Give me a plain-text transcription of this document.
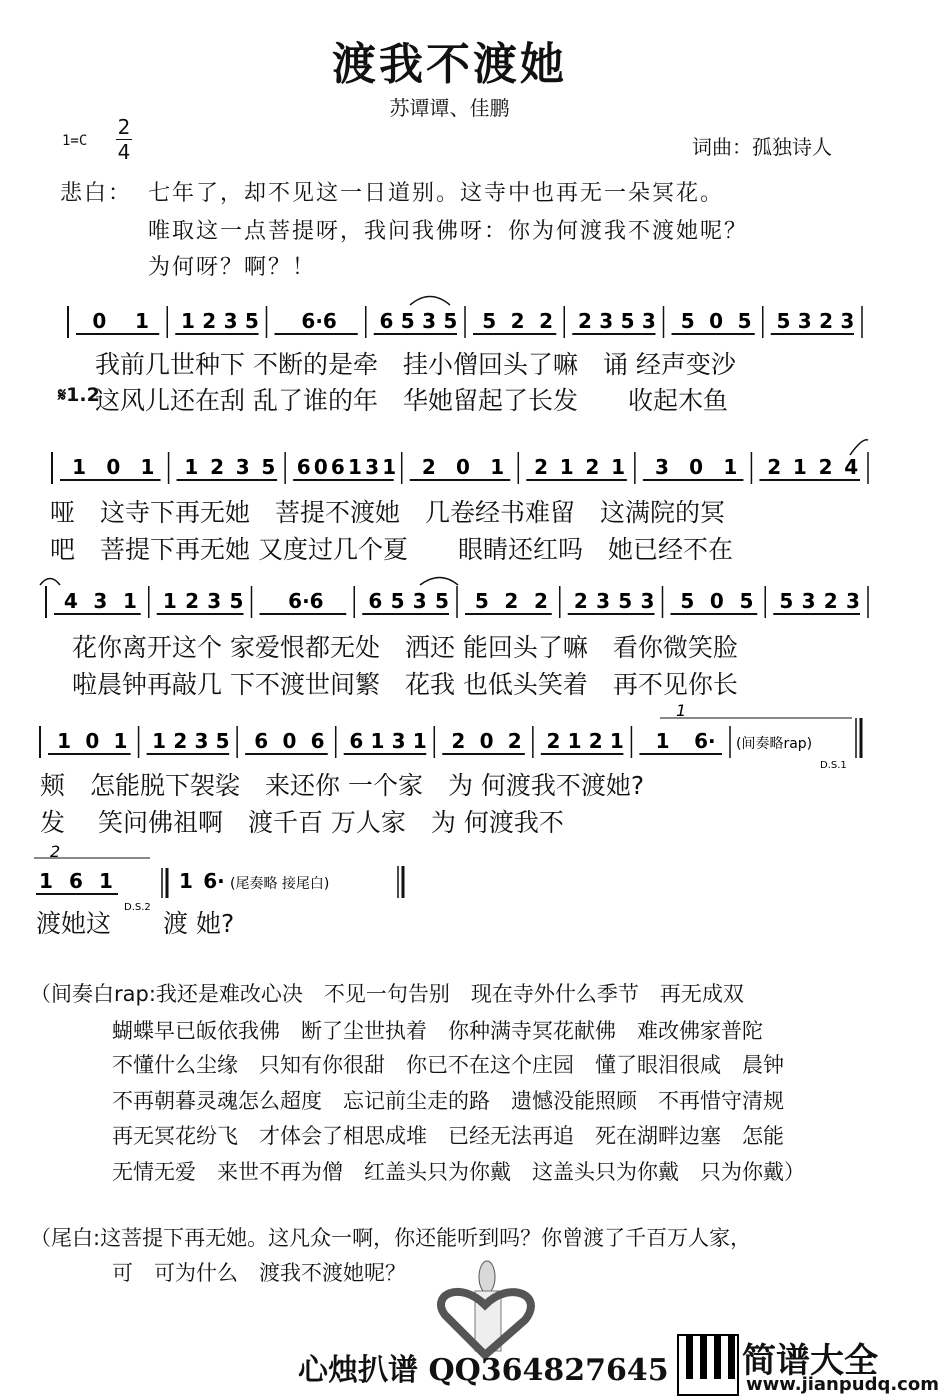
渡我不渡她
苏谭谭、佳鹏
1=C
2
4	词曲：孤独诗人
悲白： 七年了，却不见这一日道别。这寺中也再无一朵冥花。
唯取这一点菩提呀，我问我佛呀：你为何渡我不渡她呢？
为何呀？啊？！
0 1 1 2 3 5 6·6 6 5 3 5 5 2 2 2 3 5 3 5 0 5 5 3 2 3
1 0 1 1 2 3 5 6 0 6 1 3 1 2 0 1 2 1 2 1 3 0 1 2 1 2 4
4 3 1 1 2 3 5 6·6 6 5 3 5 5 2 2 2 3 5 3 5 0 5 5 3 2 3
1 0 1 1 2 3 5 6 0 6 6 1 3 1 2 0 2 2 1 2 1 1 6·
1
(间奏略rap)
D.S.1
2
1 6 1
D.S.2
1 6· (尾奏略 接尾白)
我前几世种下 不断的是牵　挂小僧回头了嘛　诵 经声变沙
这风儿还在刮 乱了谁的年　华她留起了长发　　收起木鱼
𝄋1.2
哑　这寺下再无她　菩提不渡她　几卷经书难留　这满院的冥
吧　菩提下再无她 又度过几个夏　　眼睛还红吗　她已经不在
花你离开这个 家爱恨都无处　洒还 能回头了嘛　看你微笑脸
啦晨钟再敲几 下不渡世间繁　花我 也低头笑着　再不见你长
颊　怎能脱下袈裟　来还你 一个家　为 何渡我不渡她?
发　 笑问佛祖啊　渡千百 万人家　为 何渡我不
渡她这 渡 她?
（间奏白rap:我还是难改心决　不见一句告别　现在寺外什么季节　再无成双
蝴蝶早已皈依我佛　断了尘世执着　你种满寺冥花献佛　难改佛家普陀
不懂什么尘缘　只知有你很甜　你已不在这个庄园　懂了眼泪很咸　晨钟
不再朝暮灵魂怎么超度　忘记前尘走的路　遗憾没能照顾　不再惜守清规
再无冥花纷飞　才体会了相思成堆　已经无法再追　死在湖畔边塞　怎能
无情无爱　来世不再为僧　红盖头只为你戴　这盖头只为你戴　只为你戴）
（尾白:这菩提下再无她。这凡众一啊，你还能听到吗？你曾渡了千百万人家，
可　可为什么　渡我不渡她呢？
心烛扒谱 QQ364827645 简谱大全
www.jianpudq.com
